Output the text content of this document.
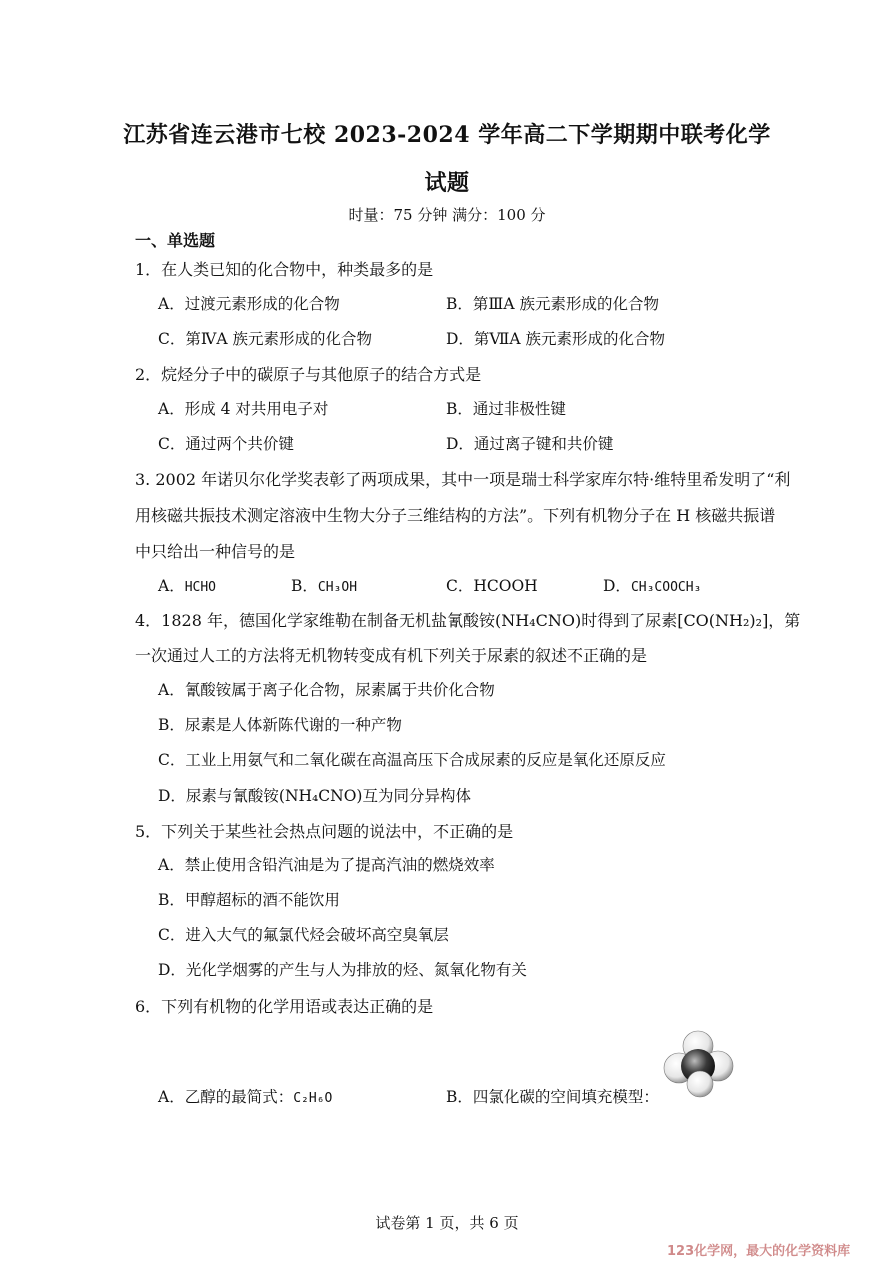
江苏省连云港市七校 2023-2024 学年高二下学期期中联考化学
试题
时量：75 分钟 满分：100 分
一、单选题
1．在人类已知的化合物中，种类最多的是
A．过渡元素形成的化合物	B．第ⅢA 族元素形成的化合物
C．第ⅣA 族元素形成的化合物	D．第ⅦA 族元素形成的化合物
2．烷烃分子中的碳原子与其他原子的结合方式是
A．形成 4 对共用电子对	B．通过非极性键
C．通过两个共价键	D．通过离子键和共价键
3. 2002 年诺贝尔化学奖表彰了两项成果，其中一项是瑞士科学家库尔特·维特里希发明了“利
用核磁共振技术测定溶液中生物大分子三维结构的方法”。下列有机物分子在 H 核磁共振谱
中只给出一种信号的是
A．HCHO	B．CH₃OH	C．HCOOH	D．CH₃COOCH₃
4．1828 年，德国化学家维勒在制备无机盐氰酸铵(NH₄CNO)时得到了尿素[CO(NH₂)₂]，第
一次通过人工的方法将无机物转变成有机下列关于尿素的叙述不正确的是
A．氰酸铵属于离子化合物，尿素属于共价化合物
B．尿素是人体新陈代谢的一种产物
C．工业上用氨气和二氧化碳在高温高压下合成尿素的反应是氧化还原反应
D．尿素与氰酸铵(NH₄CNO)互为同分异构体
5．下列关于某些社会热点问题的说法中，不正确的是
A．禁止使用含铅汽油是为了提高汽油的燃烧效率
B．甲醇超标的酒不能饮用
C．进入大气的氟氯代烃会破坏高空臭氧层
D．光化学烟雾的产生与人为排放的烃、氮氧化物有关
6．下列有机物的化学用语或表达正确的是
A．乙醇的最简式：C₂H₆O	B．四氯化碳的空间填充模型：
试卷第 1 页，共 6 页
123化学网，最大的化学资料库
